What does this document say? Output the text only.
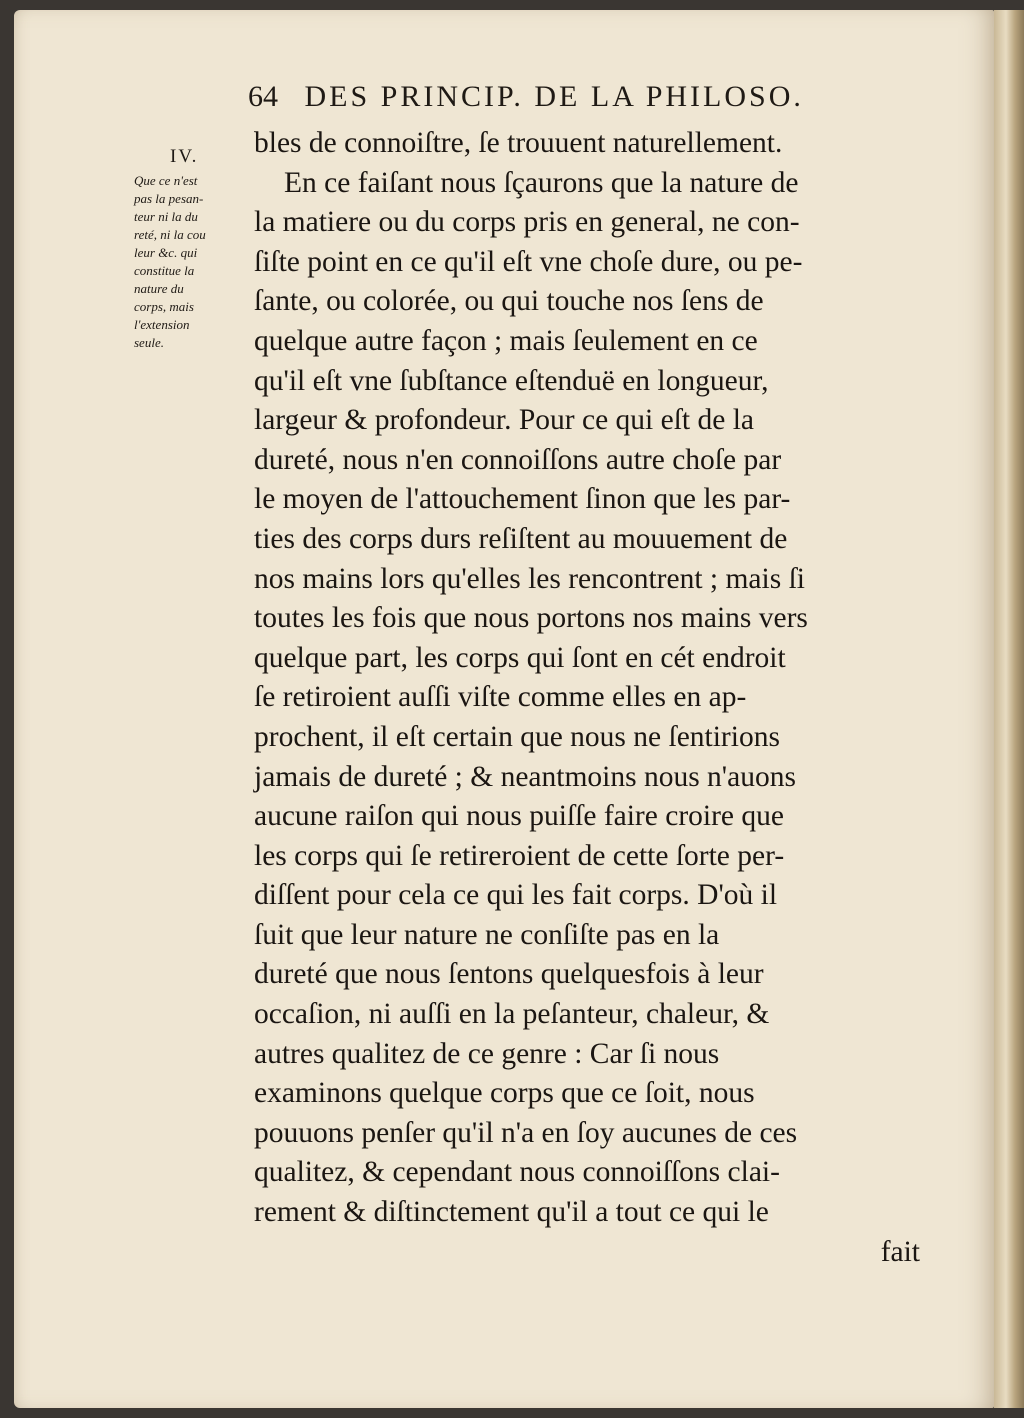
64 DES PRINCIP. DE LA PHILOSO.
IV.
Que ce n'est
pas la pesan-
teur ni la du
reté, ni la cou
leur &c. qui
constitue la
nature du
corps, mais
l'extension
seule.
bles de connoiſtre, ſe trouuent naturellement.
En ce faiſant nous ſçaurons que la nature de
la matiere ou du corps pris en general, ne con-
ſiſte point en ce qu'il eſt vne choſe dure, ou pe-
ſante, ou colorée, ou qui touche nos ſens de
quelque autre façon ; mais ſeulement en ce
qu'il eſt vne ſubſtance eſtenduë en longueur,
largeur & profondeur. Pour ce qui eſt de la
dureté, nous n'en connoiſſons autre choſe par
le moyen de l'attouchement ſinon que les par-
ties des corps durs reſiſtent au mouuement de
nos mains lors qu'elles les rencontrent ; mais ſi
toutes les fois que nous portons nos mains vers
quelque part, les corps qui ſont en cét endroit
ſe retiroient auſſi viſte comme elles en ap-
prochent, il eſt certain que nous ne ſentirions
jamais de dureté ; & neantmoins nous n'auons
aucune raiſon qui nous puiſſe faire croire que
les corps qui ſe retireroient de cette ſorte per-
diſſent pour cela ce qui les fait corps. D'où il
ſuit que leur nature ne conſiſte pas en la
dureté que nous ſentons quelquesfois à leur
occaſion, ni auſſi en la peſanteur, chaleur, &
autres qualitez de ce genre : Car ſi nous
examinons quelque corps que ce ſoit, nous
pouuons penſer qu'il n'a en ſoy aucunes de ces
qualitez, & cependant nous connoiſſons clai-
rement & diſtinctement qu'il a tout ce qui le
fait
